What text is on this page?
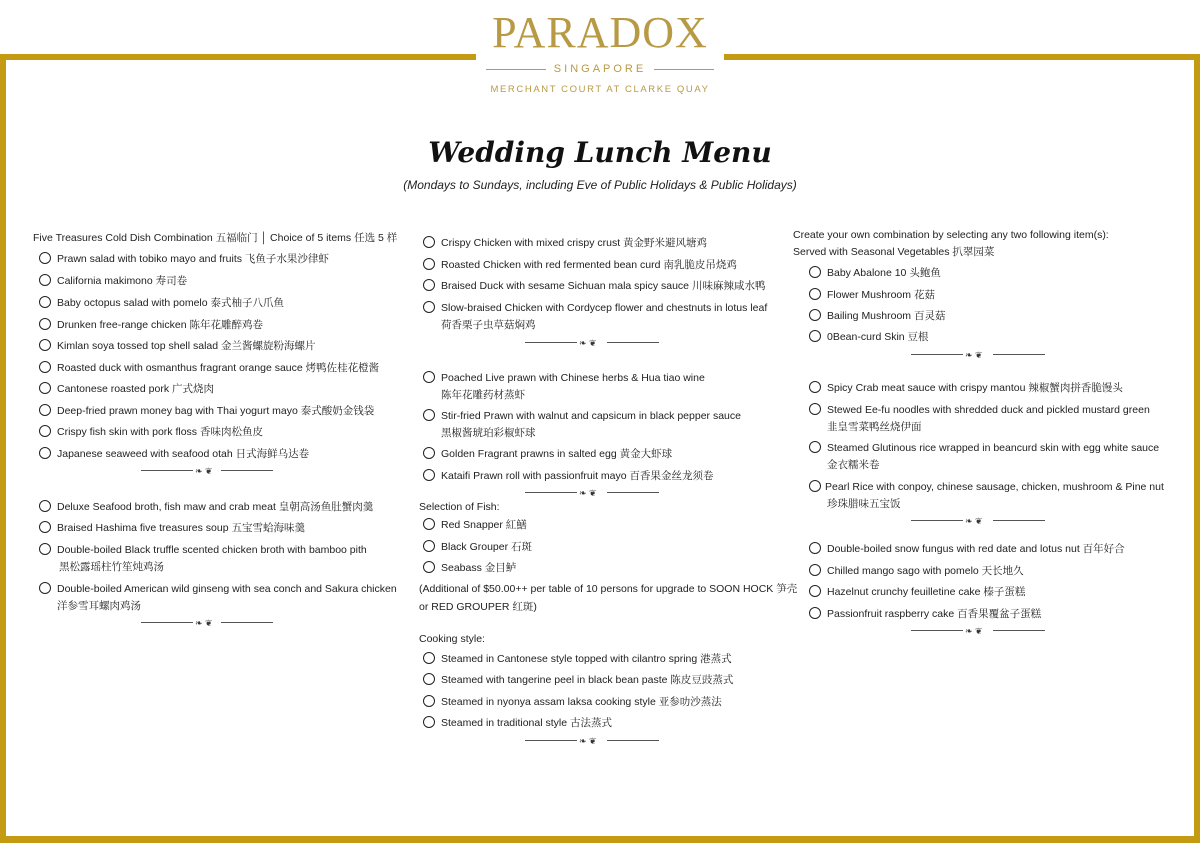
PARADOX
SINGAPORE
MERCHANT COURT AT CLARKE QUAY
Wedding Lunch Menu
(Mondays to Sundays, including Eve of Public Holidays & Public Holidays)
Five Treasures Cold Dish Combination 五福临门 │ Choice of 5 items 任选 5 样
Prawn salad with tobiko mayo and fruits 飞鱼子水果沙律虾
California makimono 寿司卷
Baby octopus salad with pomelo 泰式柚子八爪鱼
Drunken free-range chicken 陈年花雕醉鸡卷
Kimlan soya tossed top shell salad 金兰酱螺旋粉海螺片
Roasted duck with osmanthus fragrant orange sauce 烤鸭佐桂花橙酱
Cantonese roasted pork 广式烧肉
Deep-fried prawn money bag with Thai yogurt mayo 泰式酸奶金钱袋
Crispy fish skin with pork floss 香味肉松鱼皮
Japanese seaweed with seafood otah 日式海鲜乌达卷
❧ ❦
Deluxe Seafood broth, fish maw and crab meat 皇朝高汤鱼肚蟹肉羹
Braised Hashima five treasures soup 五宝雪蛤海味羹
Double-boiled Black truffle scented chicken broth with bamboo pith
黑松露瑶柱竹笙炖鸡汤
Double-boiled American wild ginseng with sea conch and Sakura chicken
洋参雪耳螺肉鸡汤
❧ ❦
Crispy Chicken with mixed crispy crust 黄金野米避风塘鸡
Roasted Chicken with red fermented bean curd 南乳脆皮吊烧鸡
Braised Duck with sesame Sichuan mala spicy sauce 川味麻辣咸水鸭
Slow-braised Chicken with Cordycep flower and chestnuts in lotus leaf
荷香栗子虫草菇焖鸡
❧ ❦
Poached Live prawn with Chinese herbs & Hua tiao wine
陈年花雕药材蒸虾
Stir-fried Prawn with walnut and capsicum in black pepper sauce
黑椒酱琥珀彩椒虾球
Golden Fragrant prawns in salted egg 黄金大虾球
Kataifi Prawn roll with passionfruit mayo 百香果金丝龙须卷
❧ ❦
Selection of Fish:
Red Snapper 紅鱔
Black Grouper 石斑
Seabass 金目鲈
(Additional of $50.00++ per table of 10 persons for upgrade to SOON HOCK 笋壳
or RED GROUPER 红斑)
Cooking style:
Steamed in Cantonese style topped with cilantro spring 港蒸式
Steamed with tangerine peel in black bean paste 陈皮豆豉蒸式
Steamed in nyonya assam laksa cooking style 亚参叻沙蒸法
Steamed in traditional style 古法蒸式
❧ ❦
Create your own combination by selecting any two following item(s):
Served with Seasonal Vegetables 扒翠园菜
Baby Abalone 10 头鲍鱼
Flower Mushroom 花菇
Bailing Mushroom 百灵菇
0Bean-curd Skin 豆根
❧ ❦
Spicy Crab meat sauce with crispy mantou 辣椒蟹肉拼香脆馒头
Stewed Ee-fu noodles with shredded duck and pickled mustard green
韭皇雪菜鸭丝烧伊面
Steamed Glutinous rice wrapped in beancurd skin with egg white sauce
金衣糯米卷
Pearl Rice with conpoy, chinese sausage, chicken, mushroom & Pine nut
珍珠腊味五宝饭
❧ ❦
Double-boiled snow fungus with red date and lotus nut 百年好合
Chilled mango sago with pomelo 天长地久
Hazelnut crunchy feuilletine cake 榛子蛋糕
Passionfruit raspberry cake 百香果覆盆子蛋糕
❧ ❦
